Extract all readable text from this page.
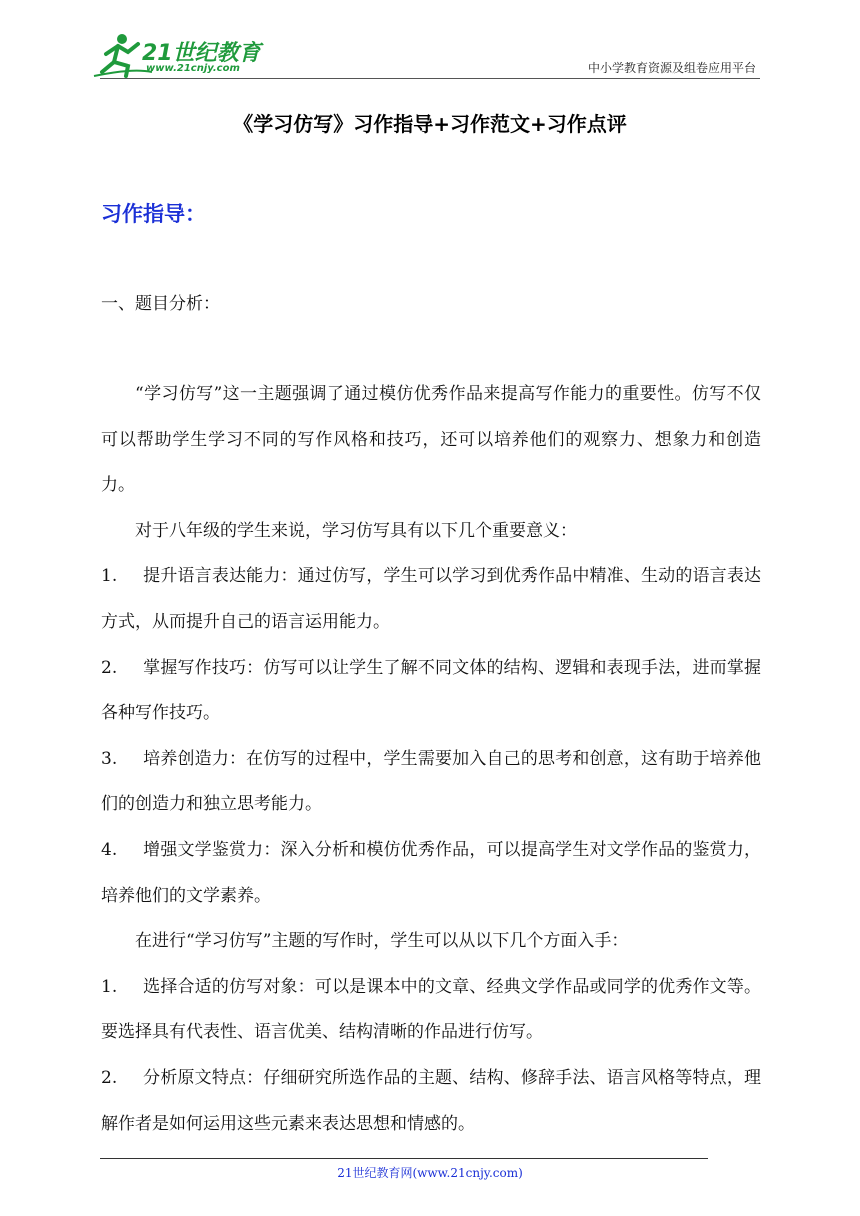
21世纪教育
www.21cnjy.com	中小学教育资源及组卷应用平台
《学习仿写》习作指导+习作范文+习作点评
习作指导：
一、题目分析：

“学习仿写”这一主题强调了通过模仿优秀作品来提高写作能力的重要性。仿写不仅可以帮助学生学习不同的写作风格和技巧，还可以培养他们的观察力、想象力和创造力。

对于八年级的学生来说，学习仿写具有以下几个重要意义：

1. 提升语言表达能力：通过仿写，学生可以学习到优秀作品中精准、生动的语言表达方式，从而提升自己的语言运用能力。

2. 掌握写作技巧：仿写可以让学生了解不同文体的结构、逻辑和表现手法，进而掌握各种写作技巧。

3. 培养创造力：在仿写的过程中，学生需要加入自己的思考和创意，这有助于培养他们的创造力和独立思考能力。

4. 增强文学鉴赏力：深入分析和模仿优秀作品，可以提高学生对文学作品的鉴赏力，培养他们的文学素养。

在进行“学习仿写”主题的写作时，学生可以从以下几个方面入手：

1. 选择合适的仿写对象：可以是课本中的文章、经典文学作品或同学的优秀作文等。要选择具有代表性、语言优美、结构清晰的作品进行仿写。

2. 分析原文特点：仔细研究所选作品的主题、结构、修辞手法、语言风格等特点，理解作者是如何运用这些元素来表达思想和情感的。

21世纪教育网(www.21cnjy.com)
